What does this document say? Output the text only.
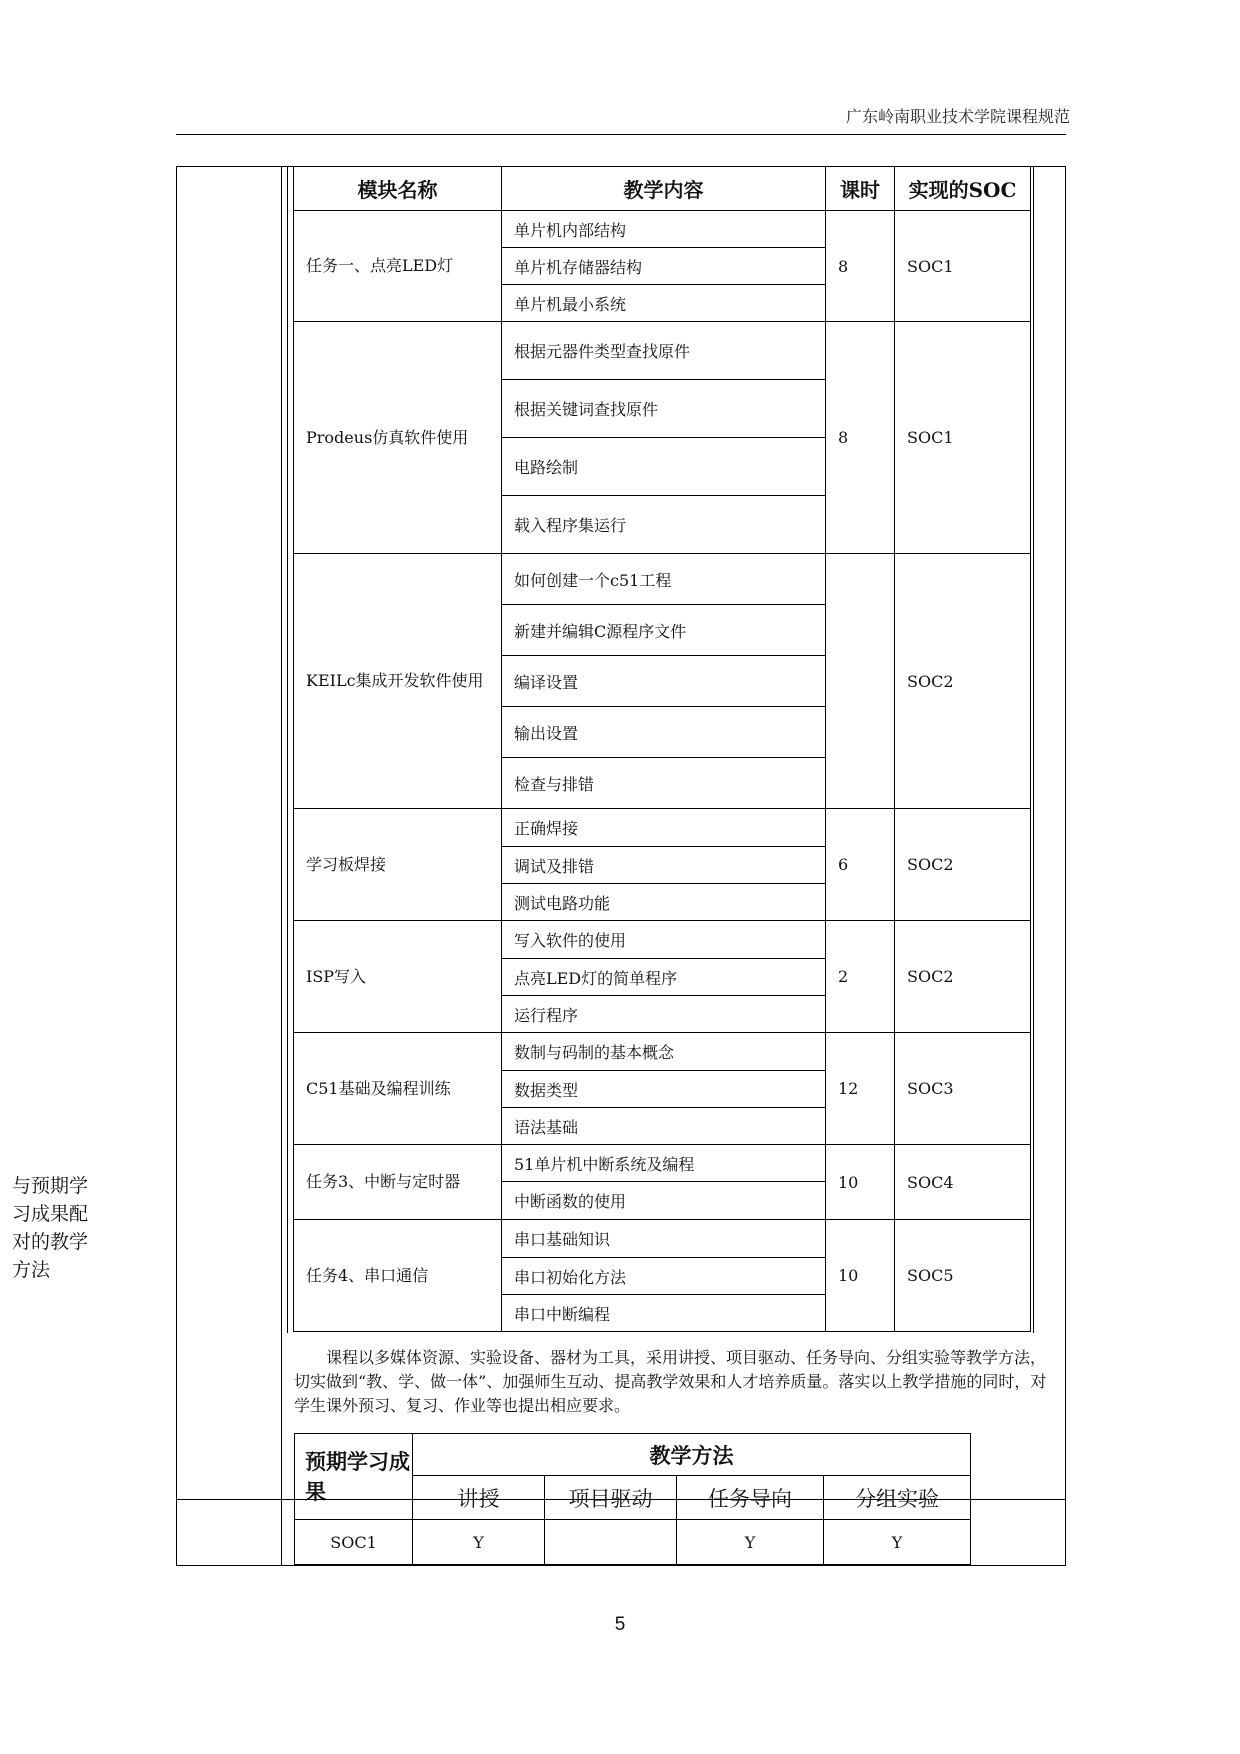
广东岭南职业技术学院课程规范
与预期学习成果配对的教学方法
模块名称	教学内容	课时	实现的SOC
任务一、点亮LED灯	单片机内部结构	8	SOC1
	单片机存储器结构		
	单片机最小系统		
Prodeus仿真软件使用	根据元器件类型查找原件	8	SOC1
	根据关键词查找原件		
	电路绘制		
	载入程序集运行		
KEILc集成开发软件使用	如何创建一个c51工程		SOC2
	新建并编辑C源程序文件		
	编译设置		
	输出设置		
	检查与排错		
学习板焊接	正确焊接	6	SOC2
	调试及排错		
	测试电路功能		
ISP写入	写入软件的使用	2	SOC2
	点亮LED灯的简单程序		
	运行程序		
C51基础及编程训练	数制与码制的基本概念	12	SOC3
	数据类型		
	语法基础		
任务3、中断与定时器	51单片机中断系统及编程	10	SOC4
	中断函数的使用		
任务4、串口通信	串口基础知识	10	SOC5
	串口初始化方法		
	串口中断编程		
课程以多媒体资源、实验设备、器材为工具，采用讲授、项目驱动、任务导向、分组实验等教学方法，切实做到“教、学、做一体”、加强师生互动、提高教学效果和人才培养质量。落实以上教学措施的同时，对学生课外预习、复习、作业等也提出相应要求。
预期学习成果	教学方法			
	讲授	项目驱动	任务导向	分组实验
SOC1	Y		Y	Y
5
